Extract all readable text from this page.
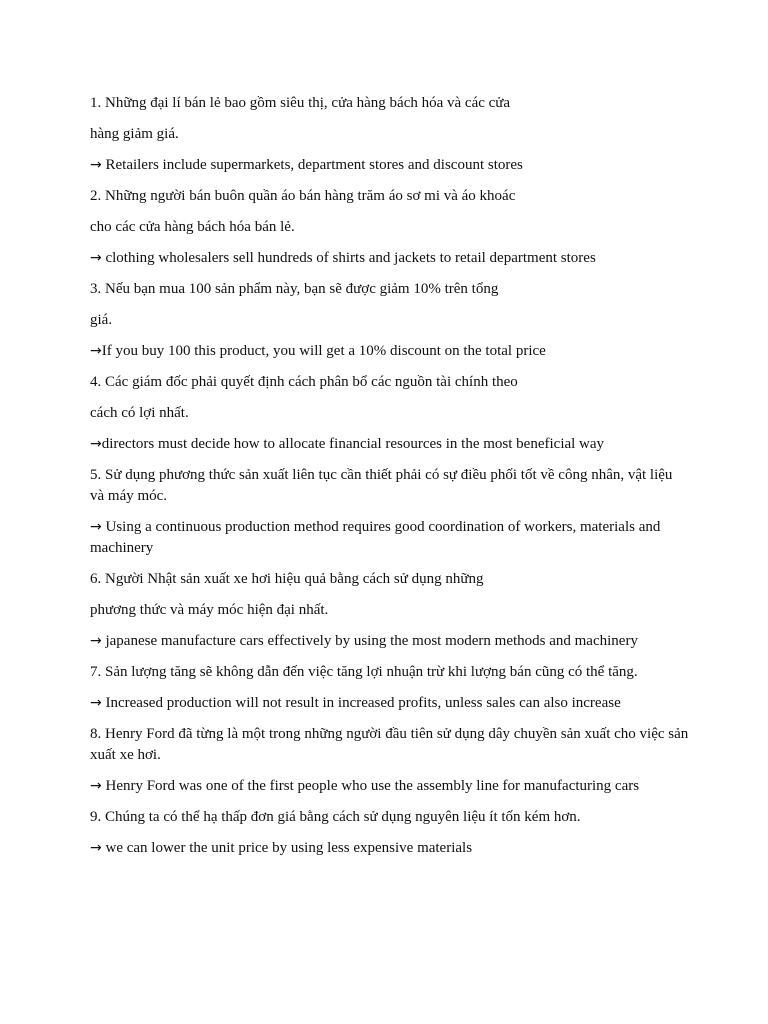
1. Những đại lí bán lẻ bao gồm siêu thị, cửa hàng bách hóa và các cửa

hàng giảm giá.

→ Retailers include supermarkets, department stores and discount stores

2. Những người bán buôn quần áo bán hàng trăm áo sơ mi và áo khoác

cho các cửa hàng bách hóa bán lẻ.

→ clothing wholesalers sell hundreds of shirts and jackets to retail department stores

3. Nếu bạn mua 100 sản phẩm này, bạn sẽ được giảm 10% trên tổng

giá.

→If you buy 100 this product, you will get a 10% discount on the total price

4. Các giám đốc phải quyết định cách phân bổ các nguồn tài chính theo

cách có lợi nhất.

→directors must decide how to allocate financial resources in the most beneficial way

5. Sử dụng phương thức sản xuất liên tục cần thiết phải có sự điều phối tốt về công nhân, vật liệu và máy móc.

→ Using a continuous production method requires good coordination of workers, materials and machinery

6. Người Nhật sản xuất xe hơi hiệu quả bằng cách sử dụng những

phương thức và máy móc hiện đại nhất.

→ japanese manufacture cars effectively by using the most modern methods and machinery

7. Sản lượng tăng sẽ không dẫn đến việc tăng lợi nhuận trừ khi lượng bán cũng có thể tăng.

→ Increased production will not result in increased profits, unless sales can also increase

8. Henry Ford đã từng là một trong những người đầu tiên sử dụng dây chuyền sản xuất cho việc sản xuất xe hơi.

→ Henry Ford was one of the first people who use the assembly line for manufacturing cars

9. Chúng ta có thể hạ thấp đơn giá bằng cách sử dụng nguyên liệu ít tốn kém hơn.

→ we can lower the unit price by using less expensive materials
